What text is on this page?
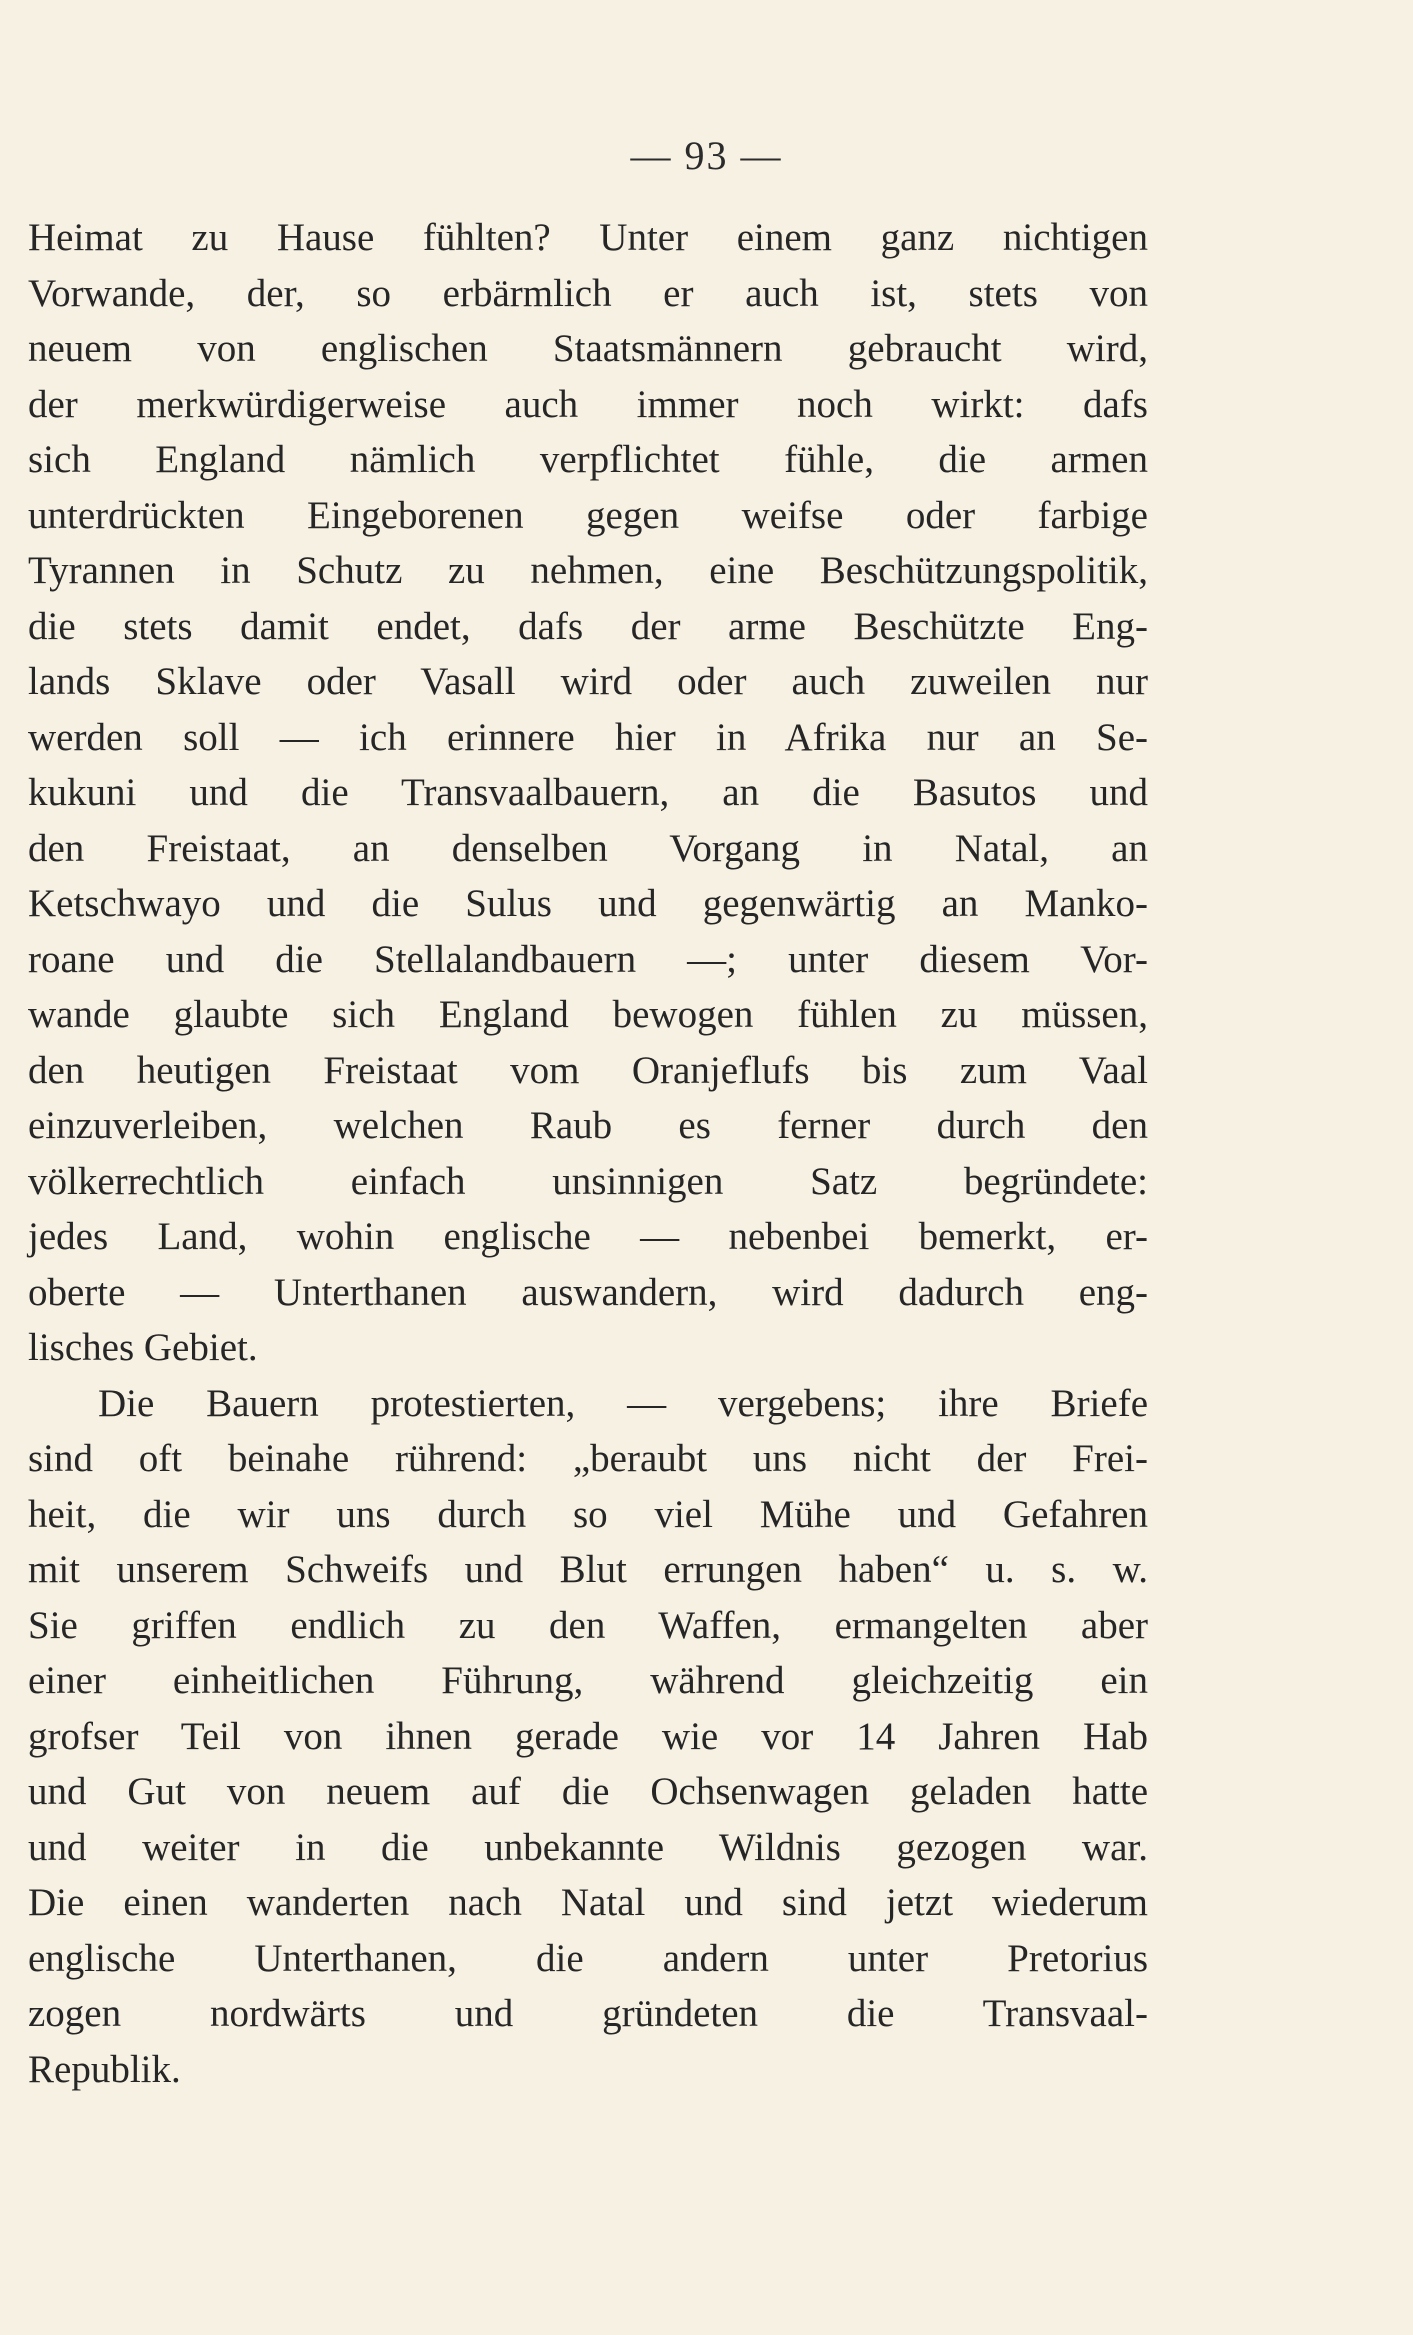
— 93 —
Heimat zu Hause fühlten? Unter einem ganz nichtigen
Vorwande, der, so erbärmlich er auch ist, stets von
neuem von englischen Staatsmännern gebraucht wird,
der merkwürdigerweise auch immer noch wirkt: dafs
sich England nämlich verpflichtet fühle, die armen
unterdrückten Eingeborenen gegen weifse oder farbige
Tyrannen in Schutz zu nehmen, eine Beschützungspolitik,
die stets damit endet, dafs der arme Beschützte Eng-
lands Sklave oder Vasall wird oder auch zuweilen nur
werden soll — ich erinnere hier in Afrika nur an Se-
kukuni und die Transvaalbauern, an die Basutos und
den Freistaat, an denselben Vorgang in Natal, an
Ketschwayo und die Sulus und gegenwärtig an Manko-
roane und die Stellalandbauern —; unter diesem Vor-
wande glaubte sich England bewogen fühlen zu müssen,
den heutigen Freistaat vom Oranjeflufs bis zum Vaal
einzuverleiben, welchen Raub es ferner durch den
völkerrechtlich einfach unsinnigen Satz begründete:
jedes Land, wohin englische — nebenbei bemerkt, er-
oberte — Unterthanen auswandern, wird dadurch eng-
lisches Gebiet.
Die Bauern protestierten, — vergebens; ihre Briefe
sind oft beinahe rührend: „beraubt uns nicht der Frei-
heit, die wir uns durch so viel Mühe und Gefahren
mit unserem Schweifs und Blut errungen haben“ u. s. w.
Sie griffen endlich zu den Waffen, ermangelten aber
einer einheitlichen Führung, während gleichzeitig ein
grofser Teil von ihnen gerade wie vor 14 Jahren Hab
und Gut von neuem auf die Ochsenwagen geladen hatte
und weiter in die unbekannte Wildnis gezogen war.
Die einen wanderten nach Natal und sind jetzt wiederum
englische Unterthanen, die andern unter Pretorius
zogen nordwärts und gründeten die Transvaal-
Republik.
